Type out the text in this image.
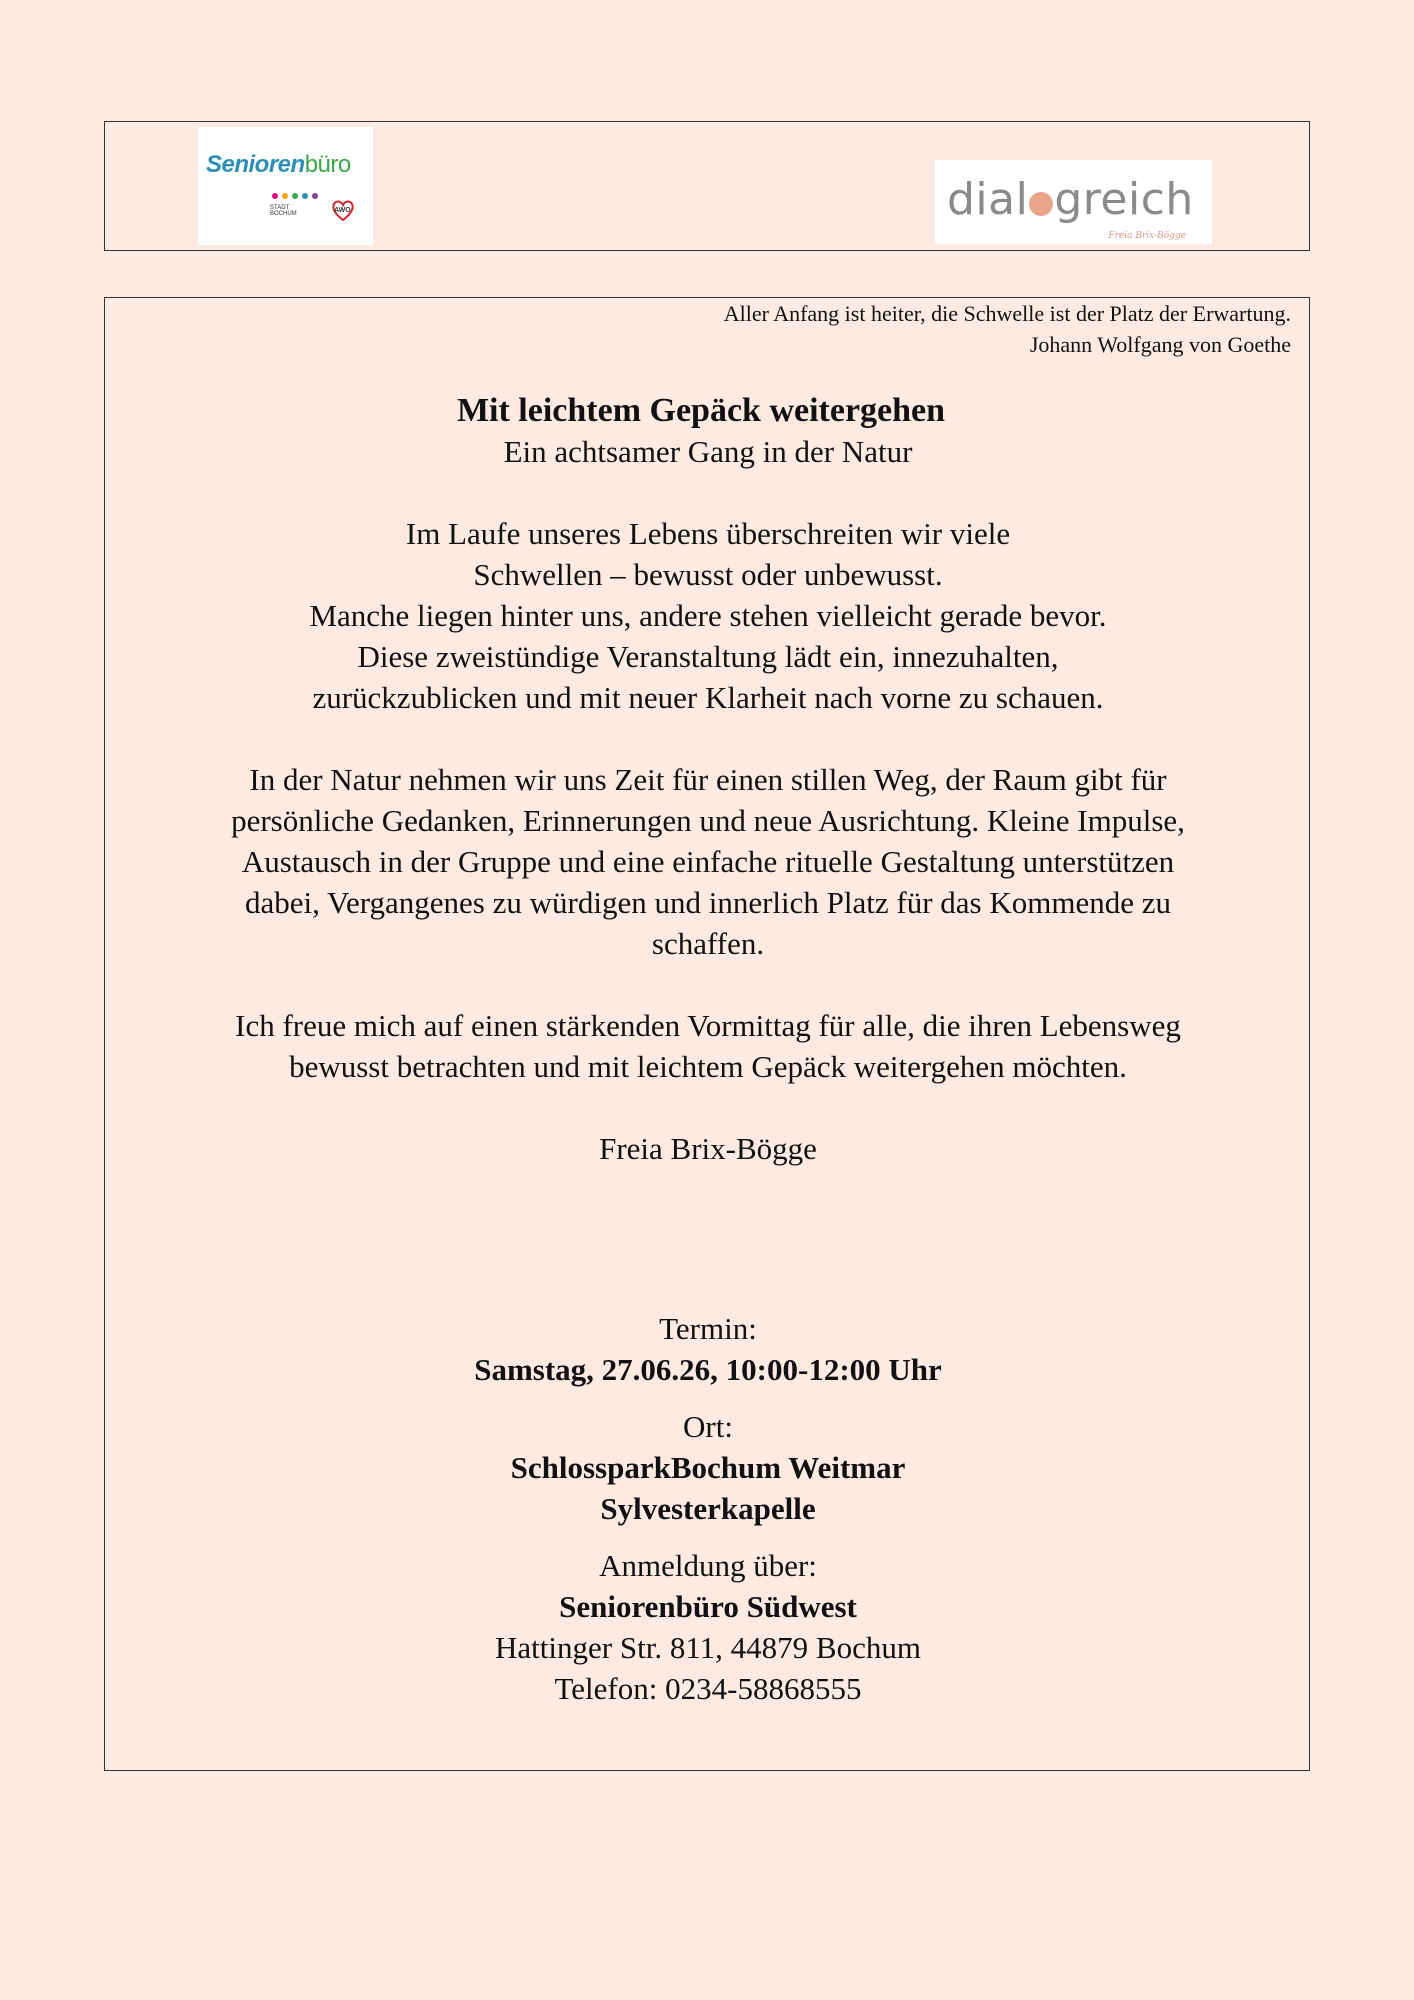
Seniorenbüro
STADT BOCHUM	AWO	dial greich
Freia Brix-Bögge
Aller Anfang ist heiter, die Schwelle ist der Platz der Erwartung.
Johann Wolfgang von Goethe

Mit leichtem Gepäck weitergehen

Ein achtsamer Gang in der Natur

Im Laufe unseres Lebens überschreiten wir viele

Schwellen – bewusst oder unbewusst.

Manche liegen hinter uns, andere stehen vielleicht gerade bevor.

Diese zweistündige Veranstaltung lädt ein, innezuhalten,

zurückzublicken und mit neuer Klarheit nach vorne zu schauen.

In der Natur nehmen wir uns Zeit für einen stillen Weg, der Raum gibt für

persönliche Gedanken, Erinnerungen und neue Ausrichtung. Kleine Impulse,

Austausch in der Gruppe und eine einfache rituelle Gestaltung unterstützen

dabei, Vergangenes zu würdigen und innerlich Platz für das Kommende zu

schaffen.

Ich freue mich auf einen stärkenden Vormittag für alle, die ihren Lebensweg

bewusst betrachten und mit leichtem Gepäck weitergehen möchten.

Freia Brix-Bögge

Termin:

Samstag, 27.06.26, 10:00-12:00 Uhr

Ort:

SchlossparkBochum Weitmar

Sylvesterkapelle

Anmeldung über:

Seniorenbüro Südwest

Hattinger Str. 811, 44879 Bochum

Telefon: 0234-58868555
